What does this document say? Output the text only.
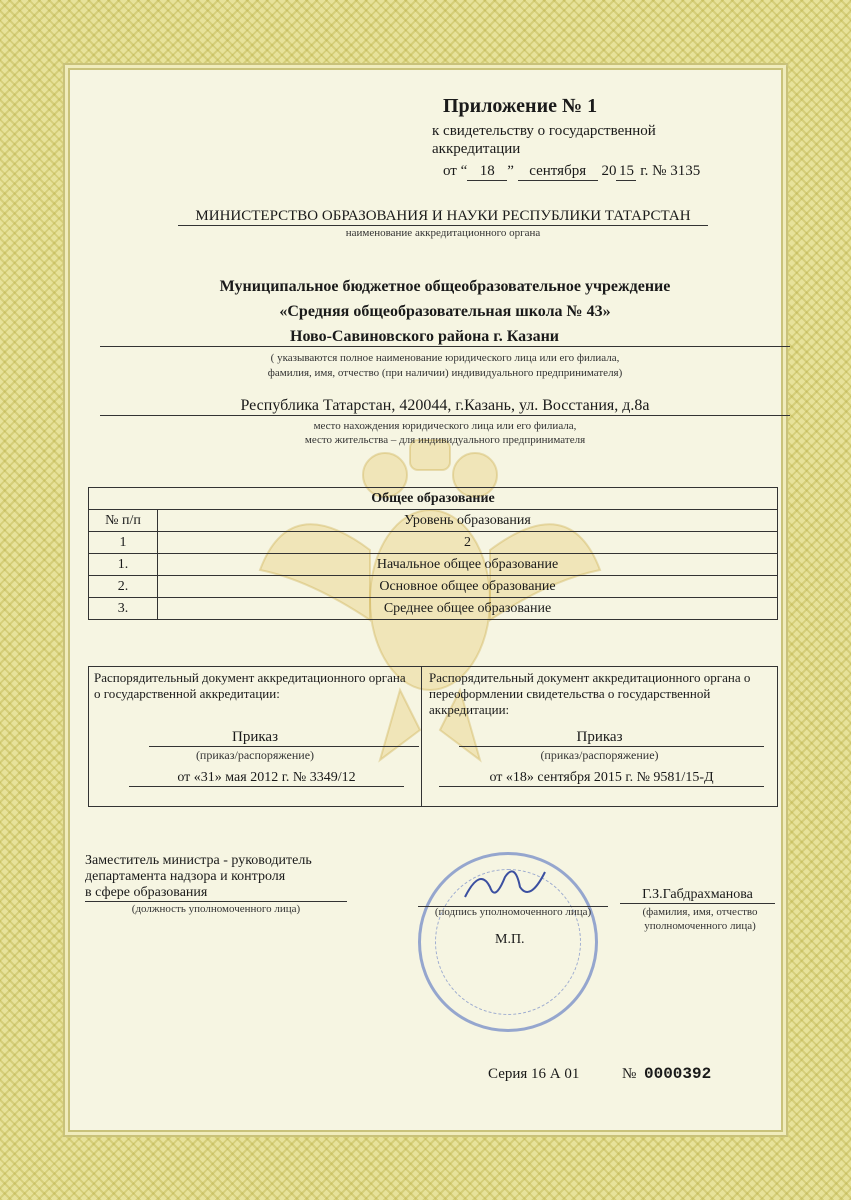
Приложение № 1
к свидетельству о государственной
аккредитации
от “ 18 ” сентября 20 15 г. № 3135
МИНИСТЕРСТВО ОБРАЗОВАНИЯ И НАУКИ РЕСПУБЛИКИ ТАТАРСТАН
наименование аккредитационного органа
Муниципальное бюджетное общеобразовательное учреждение
«Средняя общеобразовательная школа № 43»
Ново-Савиновского района г. Казани
( указываются полное наименование юридического лица или его филиала,
фамилия, имя, отчество (при наличии) индивидуального предпринимателя)
Республика Татарстан, 420044, г.Казань, ул. Восстания, д.8а
место нахождения юридического лица или его филиала,
место жительства – для индивидуального предпринимателя
Общее образование	
№ п/п	Уровень образования
1	2
1.	Начальное общее образование
2.	Основное общее образование
3.	Среднее общее образование
Распорядительный документ аккредитационного органа о государственной аккредитации:
Приказ
(приказ/распоряжение)
от «31» мая 2012 г. № 3349/12
Распорядительный документ аккредитационного органа о переоформлении свидетельства о государственной аккредитации:
Приказ
(приказ/распоряжение)
от «18» сентября 2015 г. № 9581/15-Д
Заместитель министра - руководитель
департамента надзора и контроля
в сфере образования
(должность уполномоченного лица)	(подпись уполномоченного лица)
М.П.
Г.З.Габдрахманова
(фамилия, имя, отчество
уполномоченного лица)
Серия 16 А 01	№ 0000392
